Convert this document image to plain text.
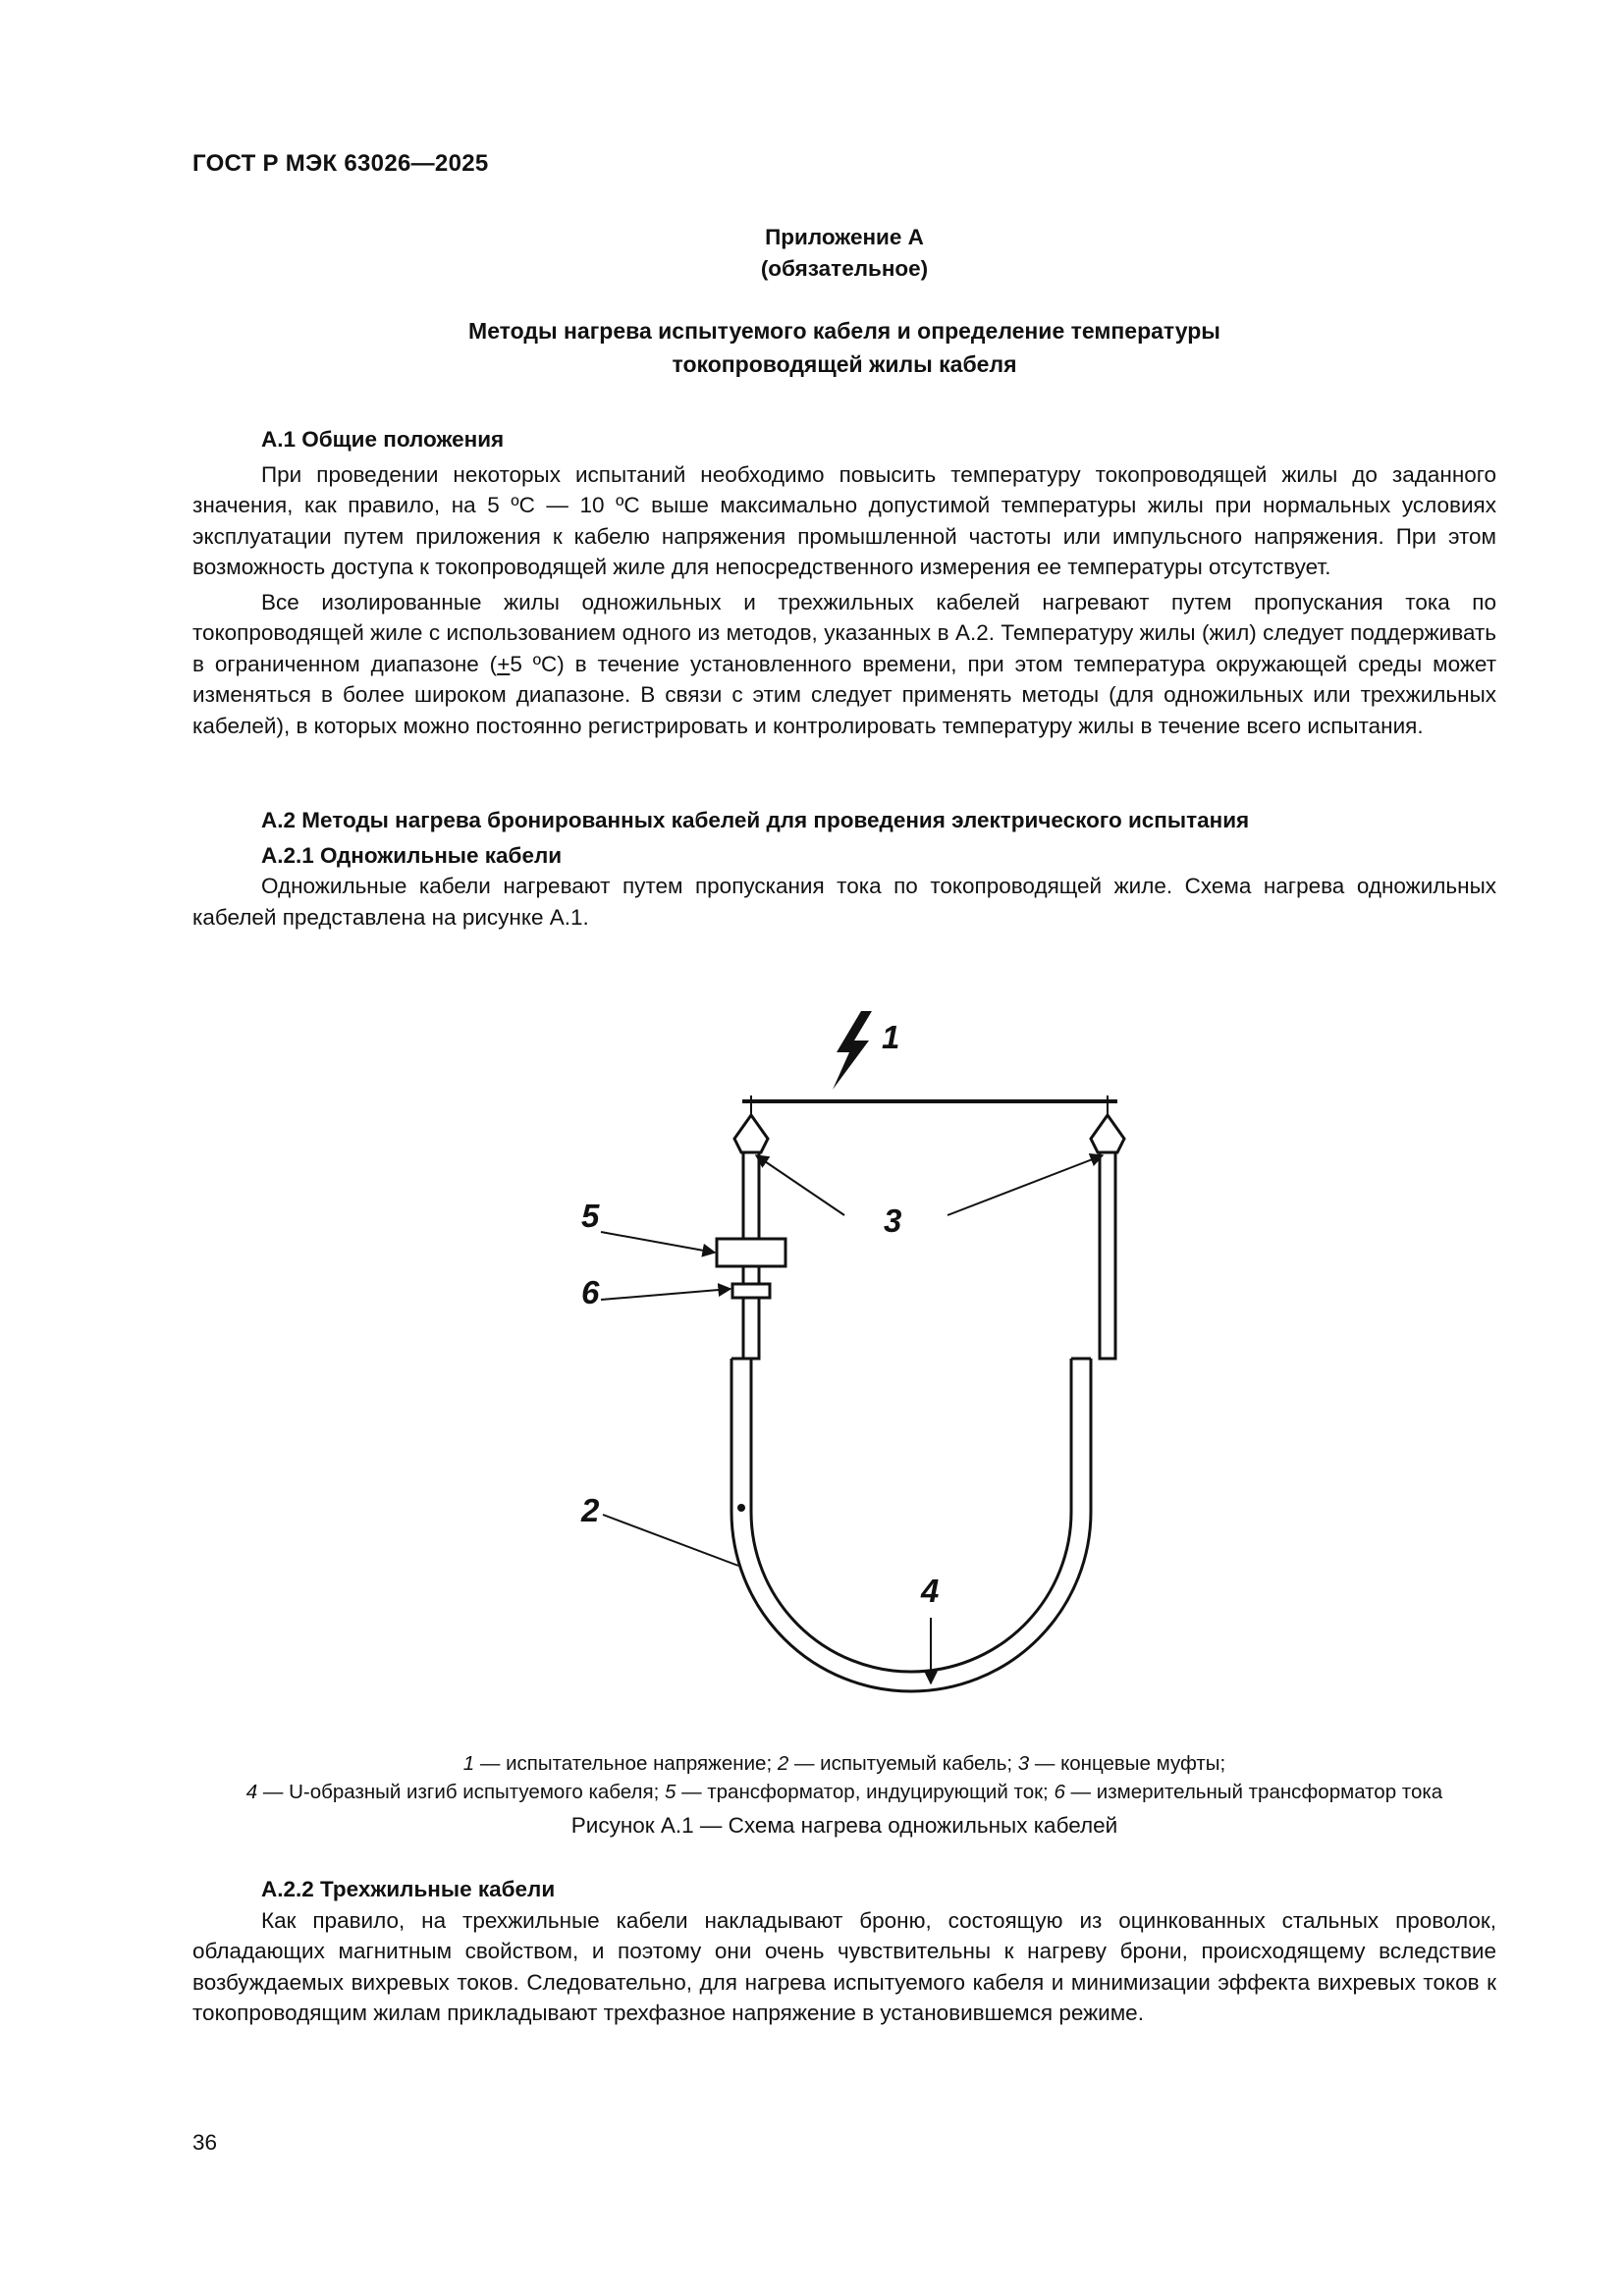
ГОСТ Р МЭК 63026—2025
Приложение А
(обязательное)
Методы нагрева испытуемого кабеля и определение температуры
токопроводящей жилы кабеля
А.1 Общие положения

При проведении некоторых испытаний необходимо повысить температуру токопроводящей жилы до заданного значения, как правило, на 5 ºС — 10 ºС выше максимально допустимой температуры жилы при нормальных условиях эксплуатации путем приложения к кабелю напряжения промышленной частоты или импульсного напряжения. При этом возможность доступа к токопроводящей жиле для непосредственного измерения ее температуры отсутствует.

Все изолированные жилы одножильных и трехжильных кабелей нагревают путем пропускания тока по токопроводящей жиле с использованием одного из методов, указанных в А.2. Температуру жилы (жил) следует поддерживать в ограниченном диапазоне (+5 ºС) в течение установленного времени, при этом температура окружающей среды может изменяться в более широком диапазоне. В связи с этим следует применять методы (для одножильных или трехжильных кабелей), в которых можно постоянно регистрировать и контролировать температуру жилы в течение всего испытания.

А.2 Методы нагрева бронированных кабелей для проведения электрического испытания
А.2.1 Одножильные кабели

Одножильные кабели нагревают путем пропускания тока по токопроводящей жиле. Схема нагрева одножильных кабелей представлена на рисунке А.1.

1
3
5
6
2
4
1 — испытательное напряжение; 2 — испытуемый кабель; 3 — концевые муфты;
4 — U-образный изгиб испытуемого кабеля; 5 — трансформатор, индуцирующий ток; 6 — измерительный трансформатор тока
Рисунок А.1 — Схема нагрева одножильных кабелей
А.2.2 Трехжильные кабели

Как правило, на трехжильные кабели накладывают броню, состоящую из оцинкованных стальных проволок, обладающих магнитным свойством, и поэтому они очень чувствительны к нагреву брони, происходящему вследствие возбуждаемых вихревых токов. Следовательно, для нагрева испытуемого кабеля и минимизации эффекта вихревых токов к токопроводящим жилам прикладывают трехфазное напряжение в установившемся режиме.

36
